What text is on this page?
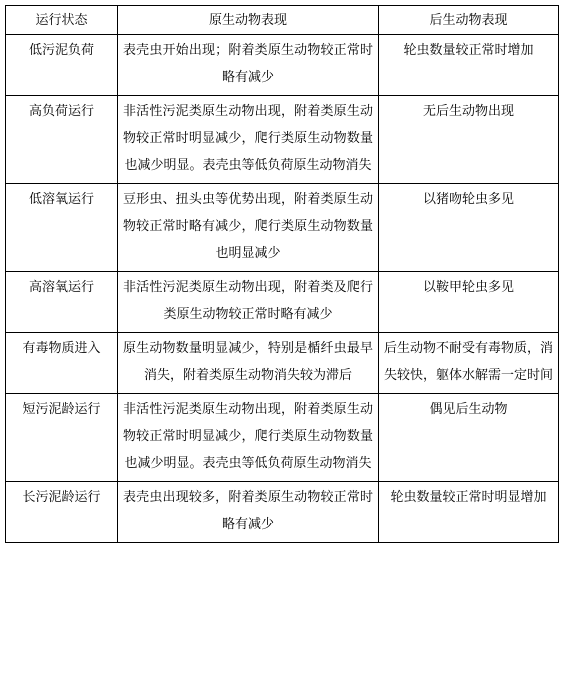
运行状态	原生动物表现	后生动物表现
低污泥负荷	表壳虫开始出现；附着类原生动物较正常时略有减少	轮虫数量较正常时增加
高负荷运行	非活性污泥类原生动物出现，附着类原生动物较正常时明显减少，爬行类原生动物数量也减少明显。表壳虫等低负荷原生动物消失	无后生动物出现
低溶氧运行	豆形虫、扭头虫等优势出现，附着类原生动物较正常时略有减少，爬行类原生动物数量也明显减少	以猪吻轮虫多见
高溶氧运行	非活性污泥类原生动物出现，附着类及爬行类原生动物较正常时略有减少	以鞍甲轮虫多见
有毒物质进入	原生动物数量明显减少，特别是楯纤虫最早消失，附着类原生动物消失较为滞后	后生动物不耐受有毒物质，消失较快，躯体水解需一定时间
短污泥龄运行	非活性污泥类原生动物出现，附着类原生动物较正常时明显减少，爬行类原生动物数量也减少明显。表壳虫等低负荷原生动物消失	偶见后生动物
长污泥龄运行	表壳虫出现较多，附着类原生动物较正常时略有减少	轮虫数量较正常时明显增加
